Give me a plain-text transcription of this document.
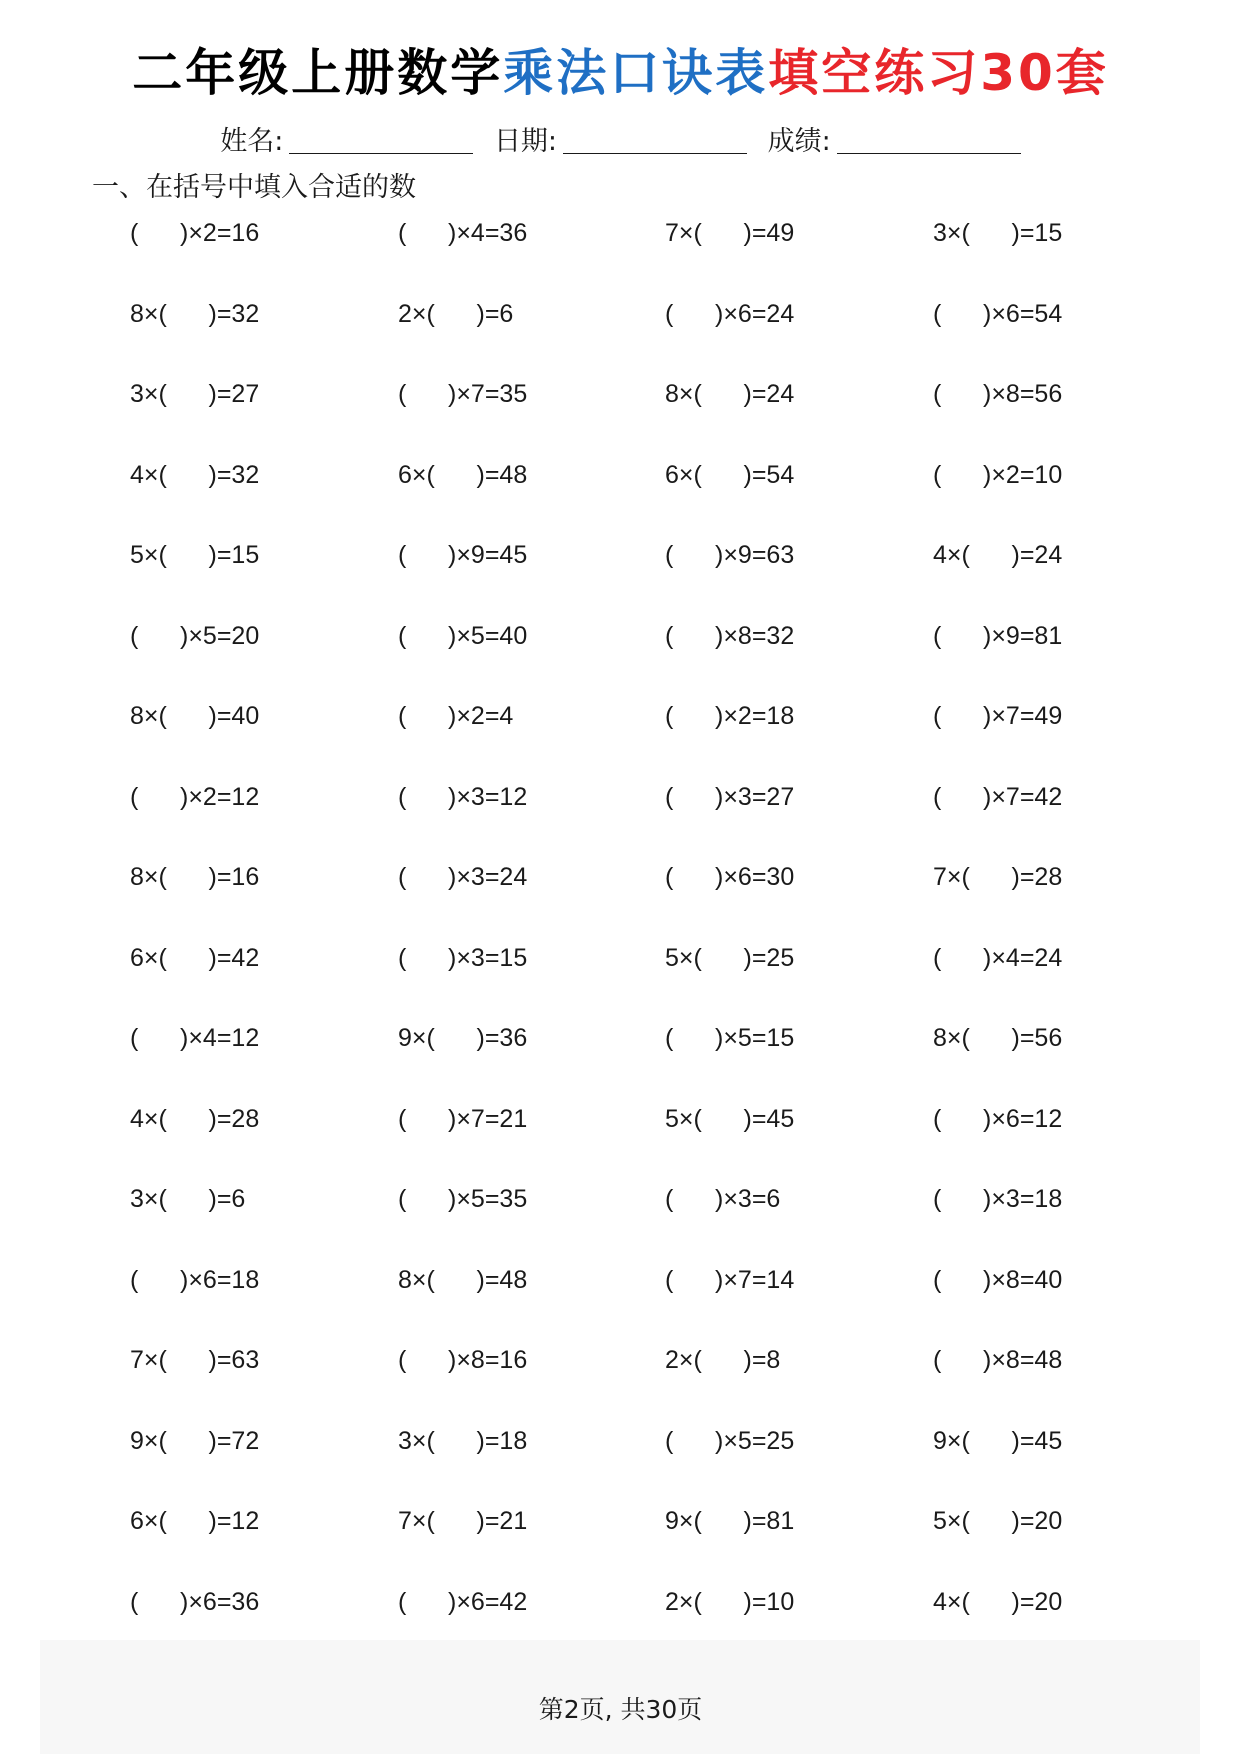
二年级上册数学乘法口诀表填空练习30套
姓名:	日期:	成绩:
一、在括号中填入合适的数
(      )×2=16	(      )×4=36	7×(      )=49	3×(      )=15
8×(      )=32	2×(      )=6	(      )×6=24	(      )×6=54
3×(      )=27	(      )×7=35	8×(      )=24	(      )×8=56
4×(      )=32	6×(      )=48	6×(      )=54	(      )×2=10
5×(      )=15	(      )×9=45	(      )×9=63	4×(      )=24
(      )×5=20	(      )×5=40	(      )×8=32	(      )×9=81
8×(      )=40	(      )×2=4	(      )×2=18	(      )×7=49
(      )×2=12	(      )×3=12	(      )×3=27	(      )×7=42
8×(      )=16	(      )×3=24	(      )×6=30	7×(      )=28
6×(      )=42	(      )×3=15	5×(      )=25	(      )×4=24
(      )×4=12	9×(      )=36	(      )×5=15	8×(      )=56
4×(      )=28	(      )×7=21	5×(      )=45	(      )×6=12
3×(      )=6	(      )×5=35	(      )×3=6	(      )×3=18
(      )×6=18	8×(      )=48	(      )×7=14	(      )×8=40
7×(      )=63	(      )×8=16	2×(      )=8	(      )×8=48
9×(      )=72	3×(      )=18	(      )×5=25	9×(      )=45
6×(      )=12	7×(      )=21	9×(      )=81	5×(      )=20
(      )×6=36	(      )×6=42	2×(      )=10	4×(      )=20
第2页, 共30页
